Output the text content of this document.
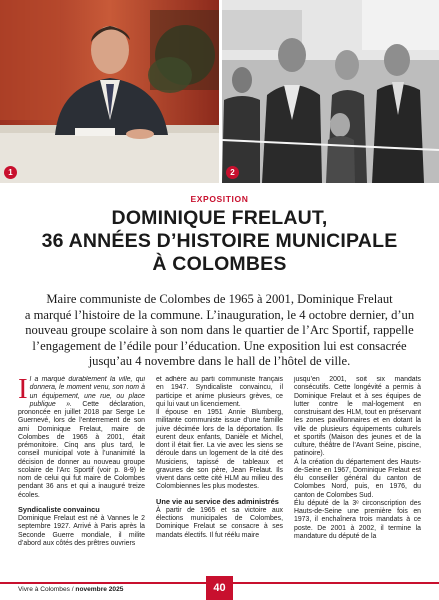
1	2
EXPOSITION
DOMINIQUE FRELAUT,
36 ANNÉES D’HISTOIRE MUNICIPALE
À COLOMBES
Maire communiste de Colombes de 1965 à 2001, Dominique Frelaut
a marqué l’histoire de la commune. L’inauguration, le 4 octobre dernier, d’un
nouveau groupe scolaire à son nom dans le quartier de l’Arc Sportif, rappelle
l’engagement de l’édile pour l’éducation. Une exposition lui est consacrée
jusqu’au 4 novembre dans le hall de l’hôtel de ville.

Il a marqué durablement la ville, qui donnera, le moment venu, son nom à un équipement, une rue, ou place publique ». Cette déclaration, prononcée en juillet 2018 par Serge Le Guernevé, lors de l’enterrement de son ami Dominique Frelaut, maire de Colombes de 1965 à 2001, était prémonitoire. Cinq ans plus tard, le conseil municipal vote à l’unanimité la décision de donner au nouveau groupe scolaire de l’Arc Sportif (voir p. 8-9) le nom de celui qui fut maire de Colombes pendant 36 ans et qui a inauguré treize écoles.

Syndicaliste convaincu

Dominique Frelaut est né à Vannes le 2 septembre 1927. Arrivé à Paris après la Seconde Guerre mondiale, il milite d’abord aux côtés des prêtres ouvriers

et adhère au parti communiste français en 1947. Syndicaliste convaincu, il participe et anime plusieurs grèves, ce qui lui vaut un licenciement.

Il épouse en 1951 Annie Blumberg, militante communiste issue d’une famille juive décimée lors de la déportation. Ils eurent deux enfants, Danièle et Michel, dont il était fier. La vie avec les siens se déroule dans un logement de la cité des Musiciens, tapissé de tableaux et gravures de son père, Jean Frelaut. Ils vivent dans cette cité HLM au milieu des Colombiennes les plus modestes.

Une vie au service des administrés

À partir de 1965 et sa victoire aux élections municipales de Colombes, Dominique Frelaut se consacre à ses mandats électifs. Il fut réélu maire

jusqu’en 2001, soit six mandats consécutifs. Cette longévité a permis à Dominique Frelaut et à ses équipes de lutter contre le mal-logement en construisant des HLM, tout en préservant les zones pavillonnaires et en dotant la ville de plusieurs équipements culturels et sportifs (Maison des jeunes et de la culture, théâtre de l’Avant Seine, piscine, patinoire).

À la création du département des Hauts-de-Seine en 1967, Dominique Frelaut est élu conseiller général du canton de Colombes Nord, puis, en 1976, du canton de Colombes Sud.

Élu député de la 3ᵉ circonscription des Hauts-de-Seine une première fois en 1973, il enchaînera trois mandats à ce poste. De 2001 à 2002, il termine la mandature du député de la

Vivre à Colombes / novembre 2025	40
